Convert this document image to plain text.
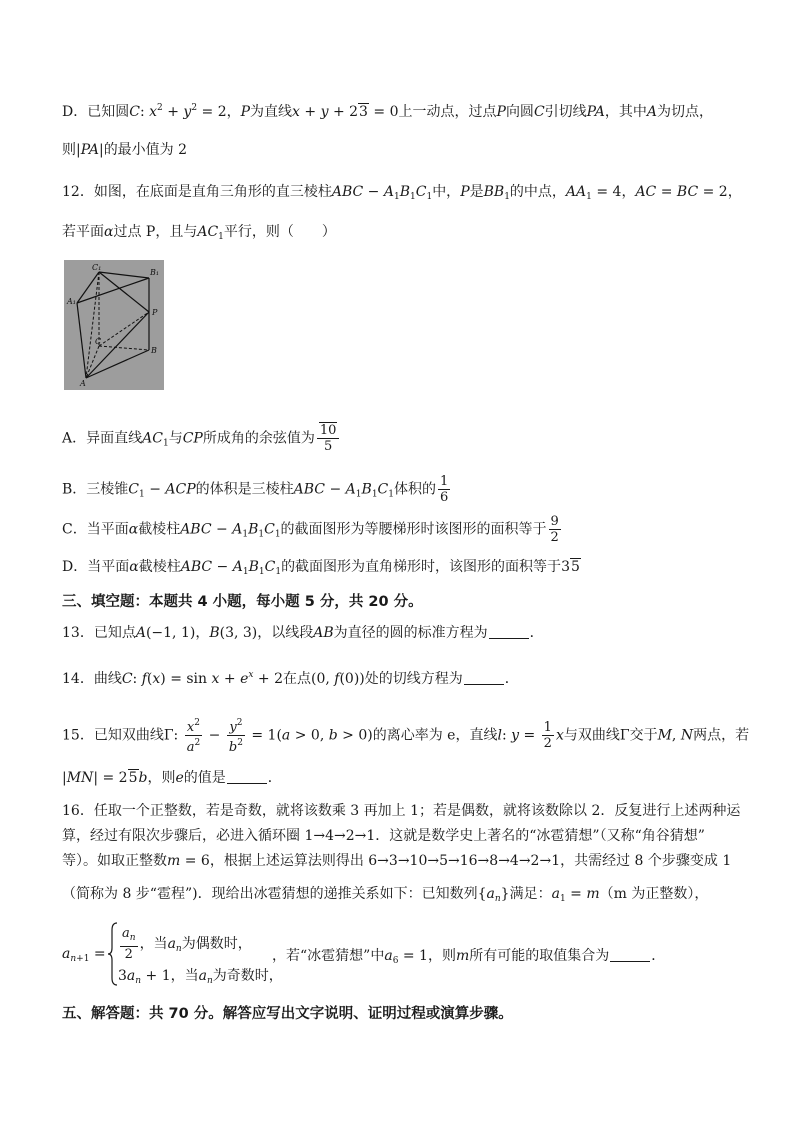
D．已知圆C: $x^2 + y^2 = 2$，P为直线x + y + 23 = 0上一动点，过点P向圆C引切线PA，其中A为切点，
则|PA|的最小值为 2
12．如图，在底面是直角三角形的直三棱柱ABC − $A_1B_1C_1$中，P是$BB_1$的中点，$AA_1 = 4$，AC = BC = 2，
若平面α过点 P，且与$AC_1$平行，则（　　）
C₁
B₁
A₁
P
C
B
A
A．异面直线$AC_1$与CP所成角的余弦值为 $\frac{10}{5}$
B．三棱锥$C_1$ − ACP的体积是三棱柱ABC − $A_1B_1C_1$体积的 $\frac{1}{6}$
C．当平面α截棱柱ABC − $A_1B_1C_1$的截面图形为等腰梯形时该图形的面积等于 $\frac{9}{2}$
D．当平面α截棱柱ABC − $A_1B_1C_1$的截面图形为直角梯形时，该图形的面积等于35
三、填空题：本题共 4 小题，每小题 5 分，共 20 分。
13．已知点A(−1, 1)，B(3, 3)，以线段AB为直径的圆的标准方程为	．
14．曲线C: $f(x) = \sin x + e^x + 2$在点(0, f(0))处的切线方程为	．
15．已知双曲线Γ: $\frac{x^2}{a^2} - \frac{y^2}{b^2} = 1(a > 0$, b > 0)的离心率为 e，直线l: $y = \frac{1}{2}$ x与双曲线Γ交于M, N两点，若
|MN| = 25b，则e的值是	．
16．任取一个正整数，若是奇数，就将该数乘 3 再加上 1；若是偶数，就将该数除以 2．反复进行上述两种运
算，经过有限次步骤后，必进入循环圈 1→4→2→1．这就是数学史上著名的“冰雹猜想”（又称“角谷猜想”
等）。如取正整数m = 6，根据上述运算法则得出 6→3→10→5→16→8→4→2→1，共需经过 8 个步骤变成 1
（简称为 8 步“雹程”)．现给出冰雹猜想的递推关系如下：已知数列$\{a_n\}$满足：$a_1 = m(m$ 为正整数），
$a_{n+1} = \frac{a_n}{2}$ ，当$a_n$为偶数时，
$3a_n + 1$，当$a_n$为奇数时，
，若“冰雹猜想”中$a_6 = 1$，则m所有可能的取值集合为	．
五、解答题：共 70 分。解答应写出文字说明、证明过程或演算步骤。
